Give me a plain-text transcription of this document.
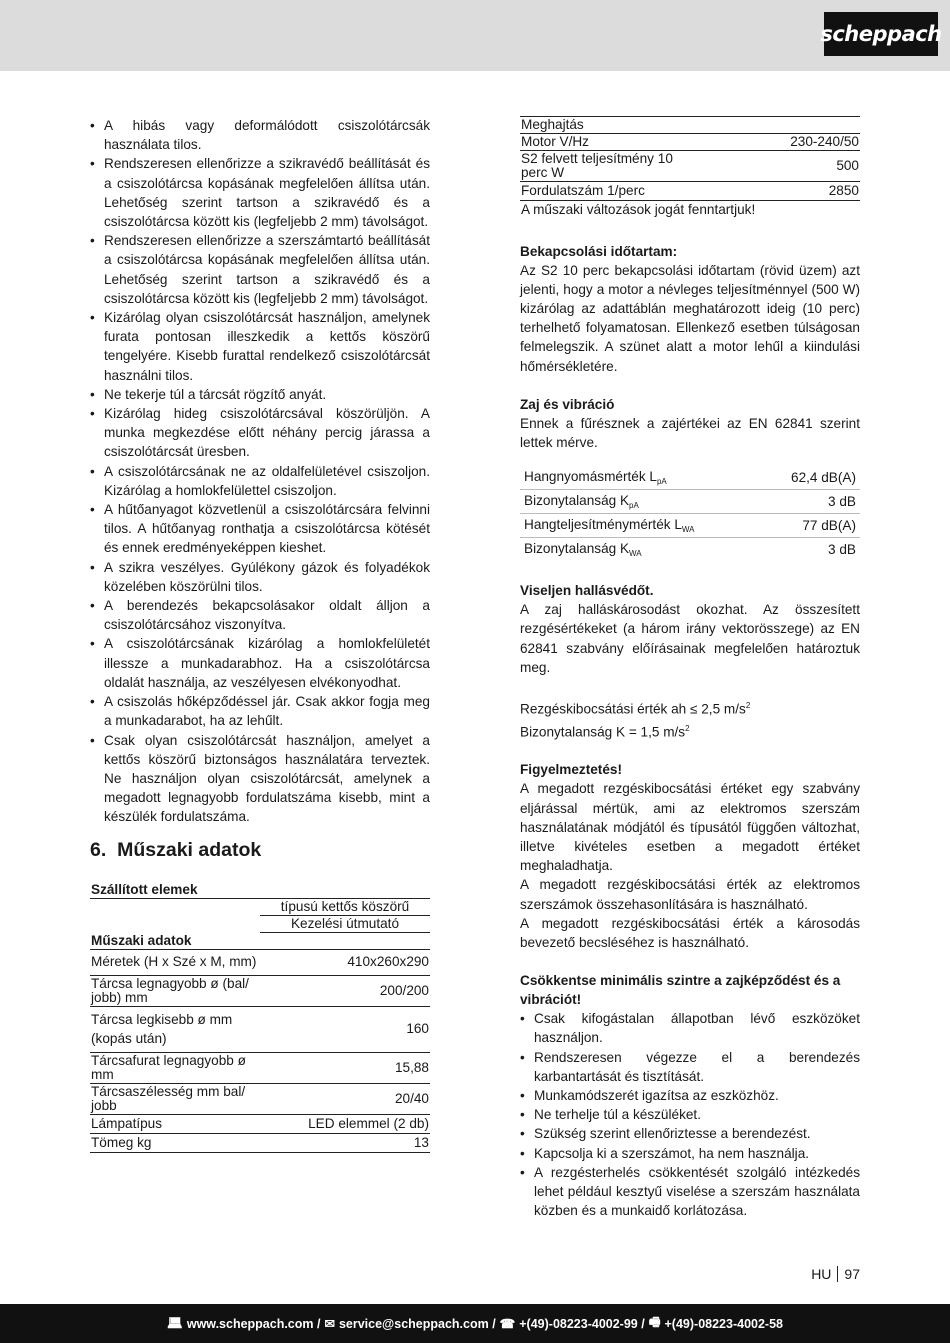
scheppach
• A hibás vagy deformálódott csiszolótárcsák használata tilos.
• Rendszeresen ellenőrizze a szikravédő beállítását és a csiszolótárcsa kopásának megfelelően állítsa után. Lehetőség szerint tartson a szikravédő és a csiszolótárcsa között kis (legfeljebb 2 mm) távolságot.
• Rendszeresen ellenőrizze a szerszámtartó beállítását a csiszolótárcsa kopásának megfelelően állítsa után. Lehetőség szerint tartson a szikravédő és a csiszolótárcsa között kis (legfeljebb 2 mm) távolságot.
• Kizárólag olyan csiszolótárcsát használjon, amelynek furata pontosan illeszkedik a kettős köszörű tengelyére. Kisebb furattal rendelkező csiszolótárcsát használni tilos.
• Ne tekerje túl a tárcsát rögzítő anyát.
• Kizárólag hideg csiszolótárcsával köszörüljön. A munka megkezdése előtt néhány percig járassa a csiszolótárcsát üresben.
• A csiszolótárcsának ne az oldalfelületével csiszoljon. Kizárólag a homlokfelülettel csiszoljon.
• A hűtőanyagot közvetlenül a csiszolótárcsára felvinni tilos. A hűtőanyag ronthatja a csiszolótárcsa kötését és ennek eredményeképpen kieshet.
• A szikra veszélyes. Gyúlékony gázok és folyadékok közelében köszörülni tilos.
• A berendezés bekapcsolásakor oldalt álljon a csiszolótárcsához viszonyítva.
• A csiszolótárcsának kizárólag a homlokfelületét illessze a munkadarabhoz. Ha a csiszolótárcsa oldalát használja, az veszélyesen elvékonyodhat.
• A csiszolás hőképződéssel jár. Csak akkor fogja meg a munkadarabot, ha az lehűlt.
• Csak olyan csiszolótárcsát használjon, amelyet a kettős köszörű biztonságos használatára terveztek. Ne használjon olyan csiszolótárcsát, amelynek a megadott legnagyobb fordulatszáma kisebb, mint a készülék fordulatszáma.
6. Műszaki adatok
Szállított elemek	
	típusú kettős köszörű
	Kezelési útmutató
Műszaki adatok	
Méretek (H x Szé x M, mm)	410x260x290
Tárcsa legnagyobb ø (bal/ jobb) mm	200/200
Tárcsa legkisebb ø mm (kopás után)	160
Tárcsafurat legnagyobb ø mm	15,88
Tárcsaszélesség mm bal/ jobb	20/40
Lámpatípus	LED elemmel (2 db)
Tömeg kg	13
Meghajtás	
Motor V/Hz	230-240/50
S2 felvett teljesítmény 10 perc W	500
Fordulatszám 1/perc	2850
A műszaki változások jogát fenntartjuk!	

Bekapcsolási időtartam:

Az S2 10 perc bekapcsolási időtartam (rövid üzem) azt jelenti, hogy a motor a névleges teljesítménnyel (500 W) kizárólag az adattáblán meghatározott ideig (10 perc) terhelhető folyamatosan. Ellenkező esetben túlságosan felmelegszik. A szünet alatt a motor lehűl a kiindulási hőmérsékletére.

Zaj és vibráció

Ennek a fűrésznek a zajértékei az EN 62841 szerint lettek mérve.

Hangnyomásmérték $L_{pA}$	62,4 dB(A)
Bizonytalanság $K_{pA}$	3 dB
Hangteljesítménymérték $L_{WA}$	77 dB(A)
Bizonytalanság $K_{WA}$	3 dB

Viseljen hallásvédőt.

A zaj halláskárosodást okozhat. Az összesített rezgésértékeket (a három irány vektorösszege) az EN 62841 szabvány előírásainak megfelelően határoztuk meg.

Rezgéskibocsátási érték ah ≤ 2,5 $m/s^2$

Bizonytalanság K = 1,5 $m/s^2$

Figyelmeztetés!

A megadott rezgéskibocsátási értéket egy szabvány eljárással mértük, ami az elektromos szerszám használatának módjától és típusától függően változhat, illetve kivételes esetben a megadott értéket meghaladhatja.

A megadott rezgéskibocsátási érték az elektromos szerszámok összehasonlítására is használható.

A megadott rezgéskibocsátási érték a károsodás bevezető becsléséhez is használható.

Csökkentse minimális szintre a zajképződést és a vibrációt!

• Csak kifogástalan állapotban lévő eszközöket használjon.
• Rendszeresen végezze el a berendezés karbantartását és tisztítását.
• Munkamódszerét igazítsa az eszközhöz.
• Ne terhelje túl a készüléket.
• Szükség szerint ellenőriztesse a berendezést.
• Kapcsolja ki a szerszámot, ha nem használja.
• A rezgésterhelés csökkentését szolgáló intézkedés lehet például kesztyű viselése a szerszám használata közben és a munkaidő korlátozása.
HU 97
💻︎ www.scheppach.com / ✉︎ service@scheppach.com / ☎︎ +(49)-08223-4002-99 / 🖷︎ +(49)-08223-4002-58
